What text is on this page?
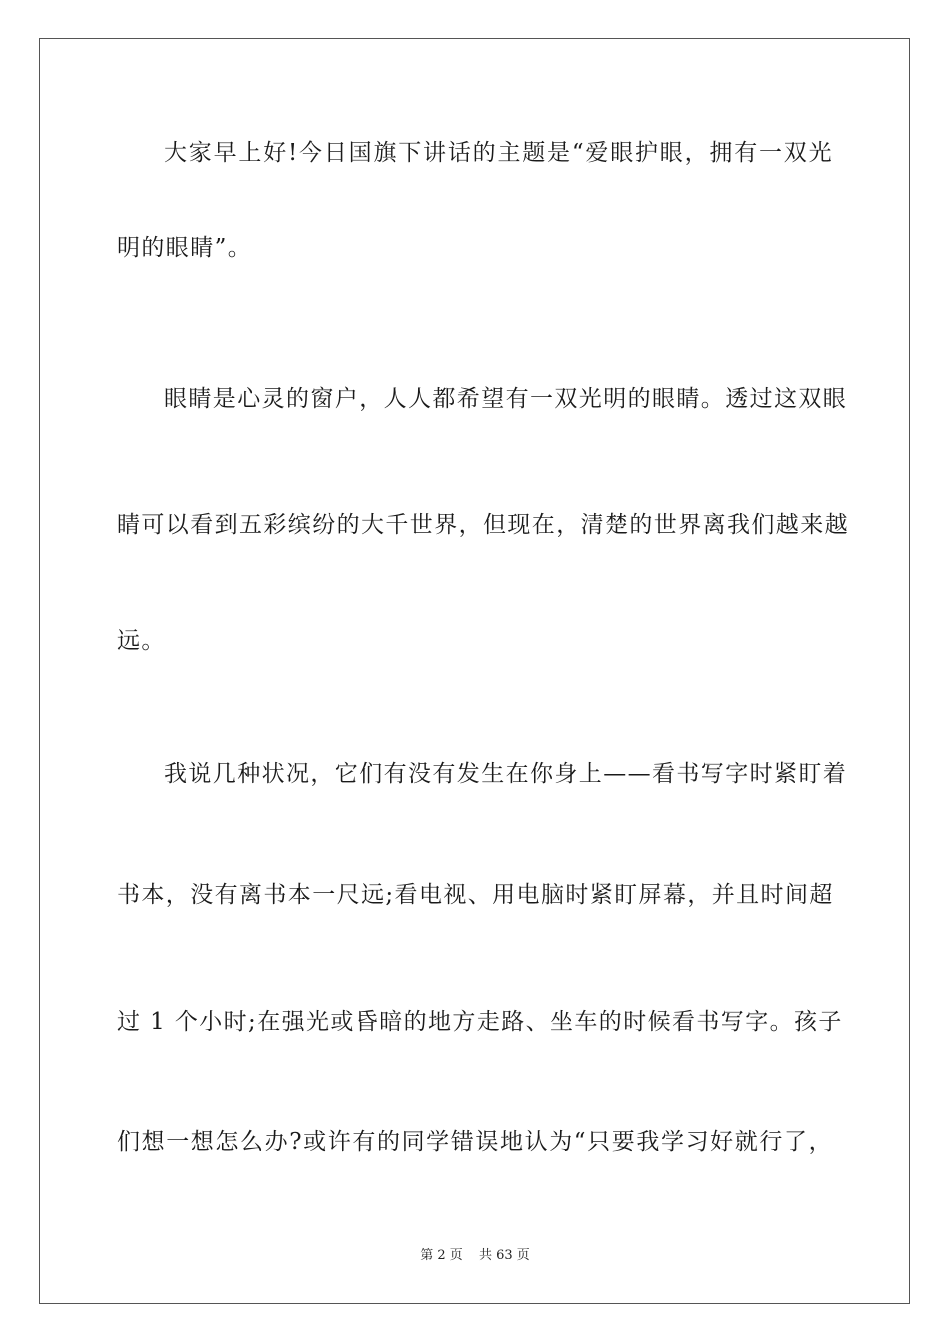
大家早上好!今日国旗下讲话的主题是“爱眼护眼，拥有一双光
明的眼睛”。
眼睛是心灵的窗户，人人都希望有一双光明的眼睛。透过这双眼
睛可以看到五彩缤纷的大千世界，但现在，清楚的世界离我们越来越
远。
我说几种状况，它们有没有发生在你身上——看书写字时紧盯着
书本，没有离书本一尺远;看电视、用电脑时紧盯屏幕，并且时间超
过 1 个小时;在强光或昏暗的地方走路、坐车的时候看书写字。孩子
们想一想怎么办?或许有的同学错误地认为“只要我学习好就行了，
第 2 页 共 63 页
